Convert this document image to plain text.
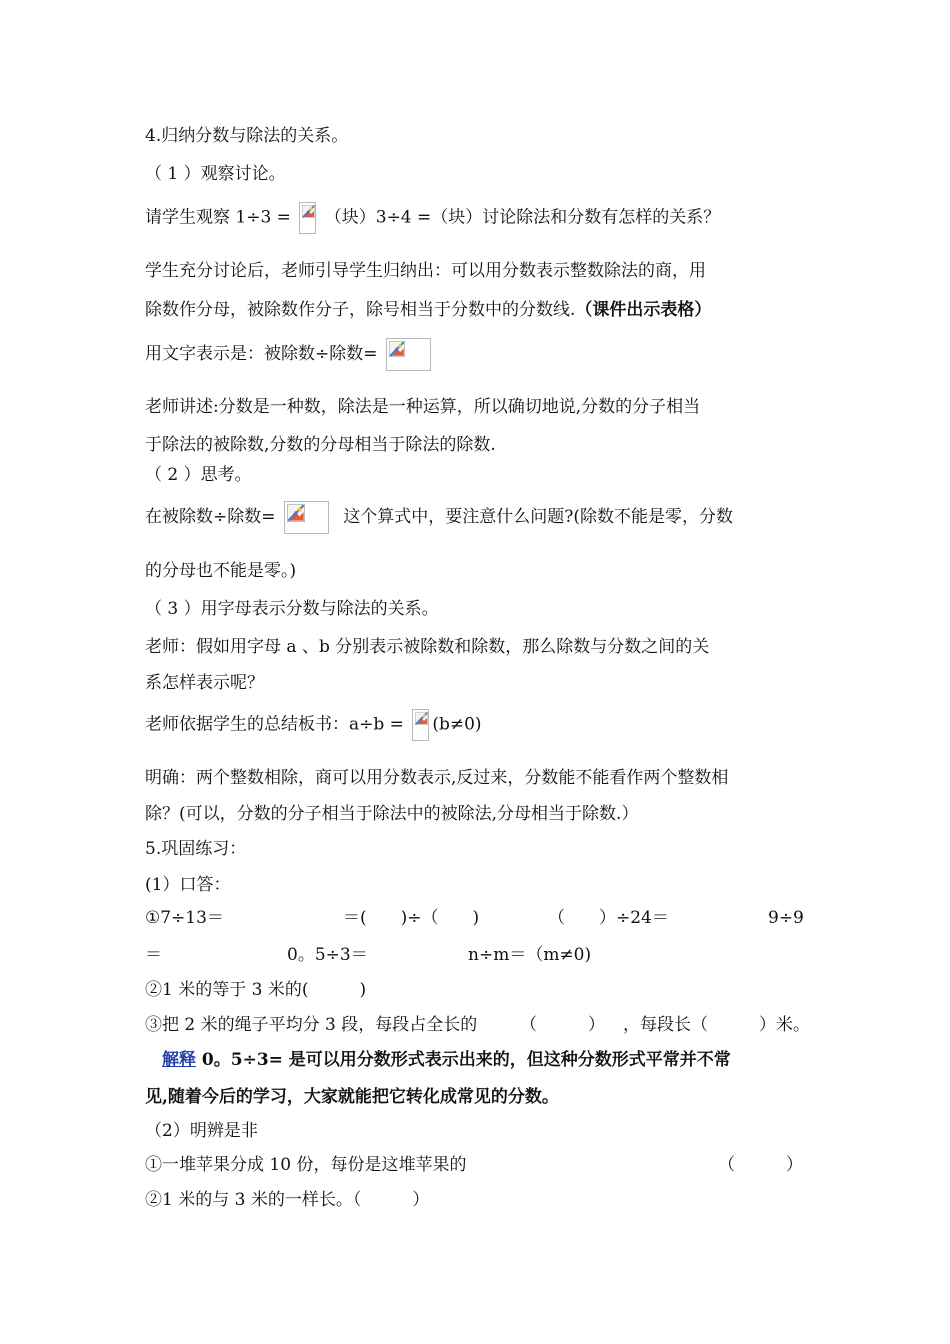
4.归纳分数与除法的关系。
（ 1 ）观察讨论。
请学生观察 1÷3 = （块）3÷4 =（块）讨论除法和分数有怎样的关系？
学生充分讨论后，老师引导学生归纳出：可以用分数表示整数除法的商，用
除数作分母，被除数作分子，除号相当于分数中的分数线.（课件出示表格）
用文字表示是：被除数÷除数=
老师讲述:分数是一种数，除法是一种运算，所以确切地说,分数的分子相当
于除法的被除数,分数的分母相当于除法的除数.
（ 2 ）思考。
在被除数÷除数=	这个算式中，要注意什么问题?(除数不能是零，分数
的分母也不能是零。)
（ 3 ）用字母表示分数与除法的关系。
老师：假如用字母 a 、b 分别表示被除数和除数，那么除数与分数之间的关
系怎样表示呢？
老师依据学生的总结板书：a÷b = (b≠0)
明确：两个整数相除，商可以用分数表示,反过来，分数能不能看作两个整数相
除？(可以，分数的分子相当于除法中的被除法,分母相当于除数.）
5.巩固练习：
(1）口答：
①7÷13＝	＝(　　)÷（　　)	（　　）÷24＝	9÷9
＝	0。5÷3＝	n÷m＝（m≠0)
②1 米的等于 3 米的(　　　)
③把 2 米的绳子平均分 3 段，每段占全长的	（　　　） ，每段长（　　　）米。
解释 0。5÷3= 是可以用分数形式表示出来的，但这种分数形式平常并不常
见,随着今后的学习，大家就能把它转化成常见的分数。
（2）明辨是非
①一堆苹果分成 10 份，每份是这堆苹果的	（　　　）
②1 米的与 3 米的一样长。（　　　）
